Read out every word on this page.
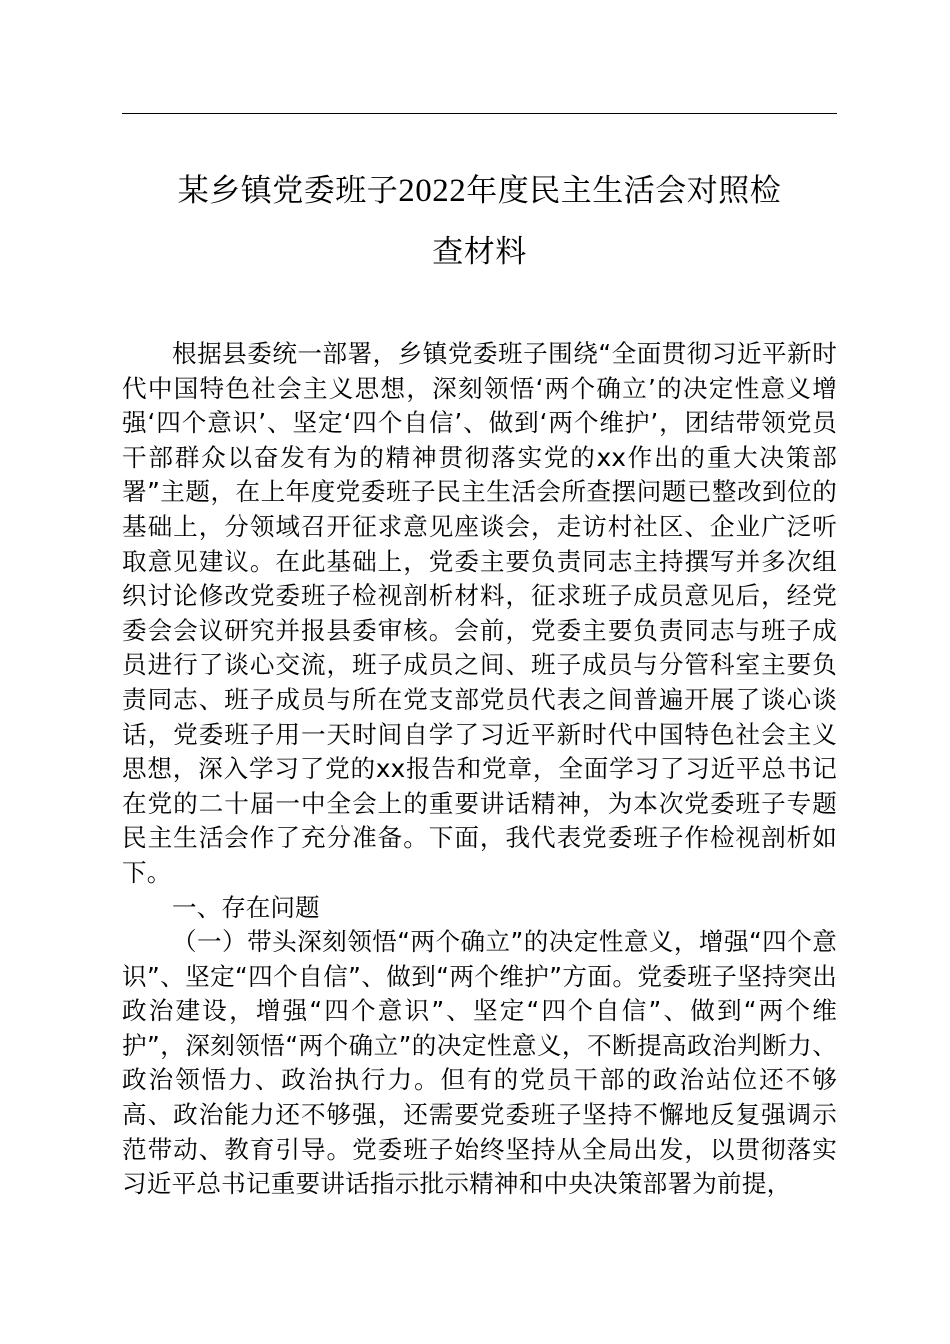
某乡镇党委班子2022年度民主生活会对照检
查材料

根据县委统一部署，乡镇党委班子围绕“全面贯彻习近平新时代中国特色社会主义思想，深刻领悟‘两个确立’的决定性意义增强‘四个意识’、坚定‘四个自信’、做到‘两个维护’，团结带领党员干部群众以奋发有为的精神贯彻落实党的xx作出的重大决策部署”主题，在上年度党委班子民主生活会所查摆问题已整改到位的基础上，分领域召开征求意见座谈会，走访村社区、企业广泛听取意见建议。在此基础上，党委主要负责同志主持撰写并多次组织讨论修改党委班子检视剖析材料，征求班子成员意见后，经党委会会议研究并报县委审核。会前，党委主要负责同志与班子成员进行了谈心交流，班子成员之间、班子成员与分管科室主要负责同志、班子成员与所在党支部党员代表之间普遍开展了谈心谈话，党委班子用一天时间自学了习近平新时代中国特色社会主义思想，深入学习了党的xx报告和党章，全面学习了习近平总书记在党的二十届一中全会上的重要讲话精神，为本次党委班子专题民主生活会作了充分准备。下面，我代表党委班子作检视剖析如下。

一、存在问题

（一）带头深刻领悟“两个确立”的决定性意义，增强“四个意识”、坚定“四个自信”、做到“两个维护”方面。党委班子坚持突出政治建设，增强“四个意识”、坚定“四个自信”、做到“两个维护”，深刻领悟“两个确立”的决定性意义，不断提高政治判断力、政治领悟力、政治执行力。但有的党员干部的政治站位还不够高、政治能力还不够强，还需要党委班子坚持不懈地反复强调示范带动、教育引导。党委班子始终坚持从全局出发，以贯彻落实习近平总书记重要讲话指示批示精神和中央决策部署为前提，
